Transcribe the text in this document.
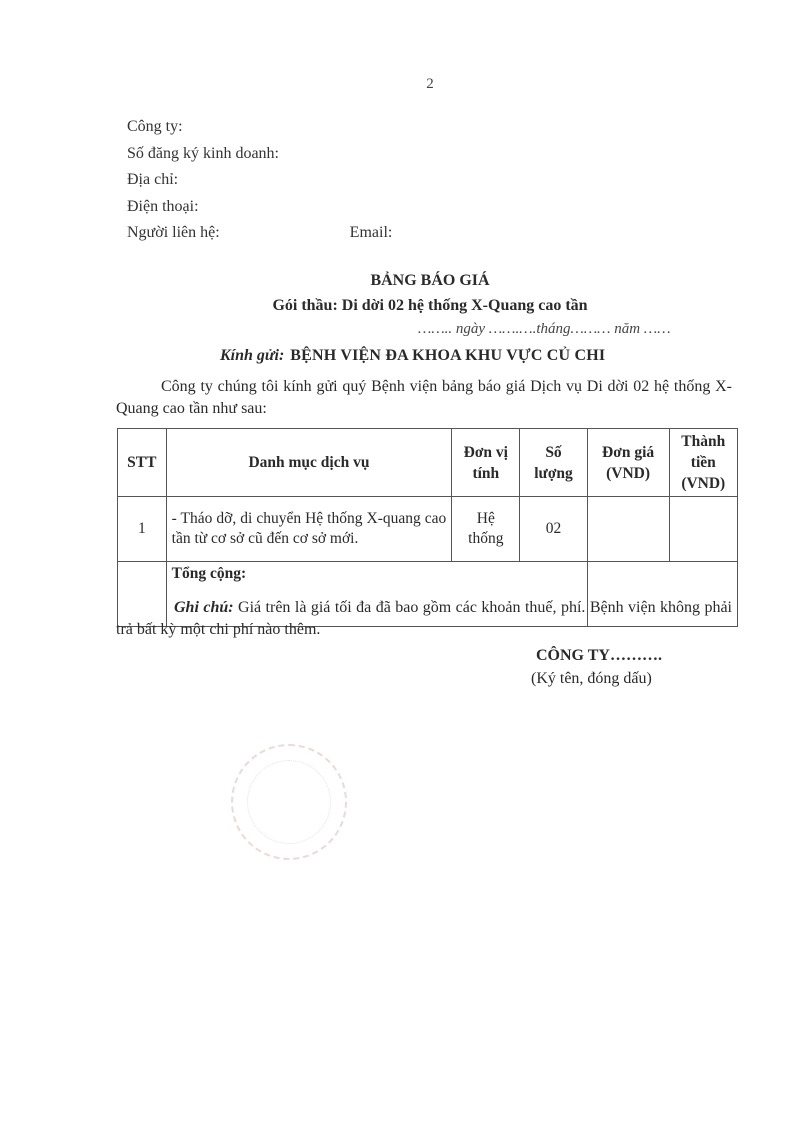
2
Công ty:
Số đăng ký kinh doanh:
Địa chỉ:
Điện thoại:
Người liên hệ:	Email:
BẢNG BÁO GIÁ
Gói thầu: Di dời 02 hệ thống X-Quang cao tần
…….. ngày …….….tháng……… năm ……
Kính gửi: BỆNH VIỆN ĐA KHOA KHU VỰC CỦ CHI
Công ty chúng tôi kính gửi quý Bệnh viện bảng báo giá Dịch vụ Di dời 02 hệ thống X-Quang cao tần như sau:
STT	Danh mục dịch vụ	Đơn vị tính	Số lượng	Đơn giá (VND)	Thành tiền (VND)
1	- Tháo dỡ, di chuyển Hệ thống X-quang cao tần từ cơ sở cũ đến cơ sở mới.	Hệ thống	02		
	Tổng cộng:				
Ghi chú: Giá trên là giá tối đa đã bao gồm các khoản thuế, phí. Bệnh viện không phải trả bất kỳ một chi phí nào thêm.
CÔNG TY……….
(Ký tên, đóng dấu)
